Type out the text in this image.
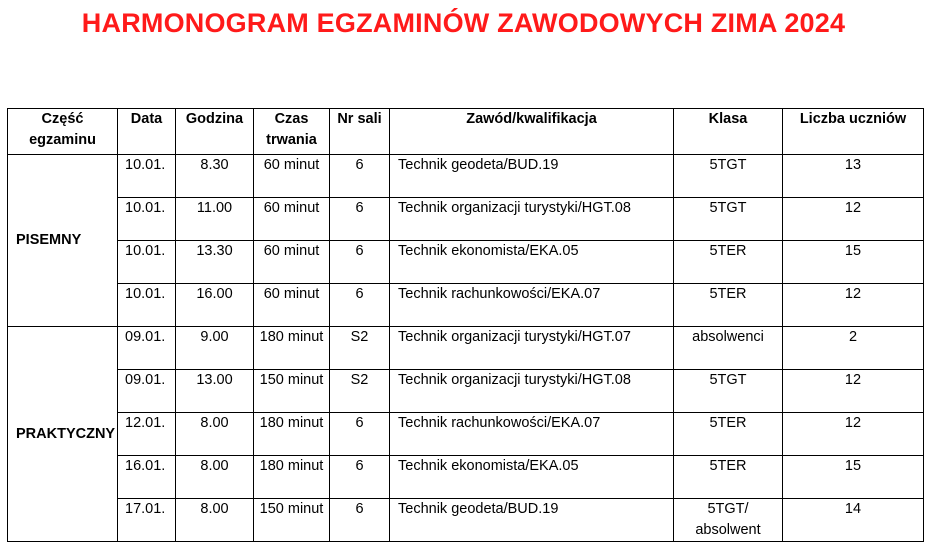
HARMONOGRAM EGZAMINÓW ZAWODOWYCH ZIMA 2024
Część egzaminu	Data	Godzina	Czas trwania	Nr sali	Zawód/kwalifikacja	Klasa	Liczba uczniów
PISEMNY	10.01.	8.30	60 minut	6	Technik geodeta/BUD.19	5TGT	13
	10.01.	11.00	60 minut	6	Technik organizacji turystyki/HGT.08	5TGT	12
	10.01.	13.30	60 minut	6	Technik ekonomista/EKA.05	5TER	15
	10.01.	16.00	60 minut	6	Technik rachunkowości/EKA.07	5TER	12
PRAKTYCZNY	09.01.	9.00	180 minut	S2	Technik organizacji turystyki/HGT.07	absolwenci	2
	09.01.	13.00	150 minut	S2	Technik organizacji turystyki/HGT.08	5TGT	12
	12.01.	8.00	180 minut	6	Technik rachunkowości/EKA.07	5TER	12
	16.01.	8.00	180 minut	6	Technik ekonomista/EKA.05	5TER	15
	17.01.	8.00	150 minut	6	Technik geodeta/BUD.19	5TGT/ absolwent	14
